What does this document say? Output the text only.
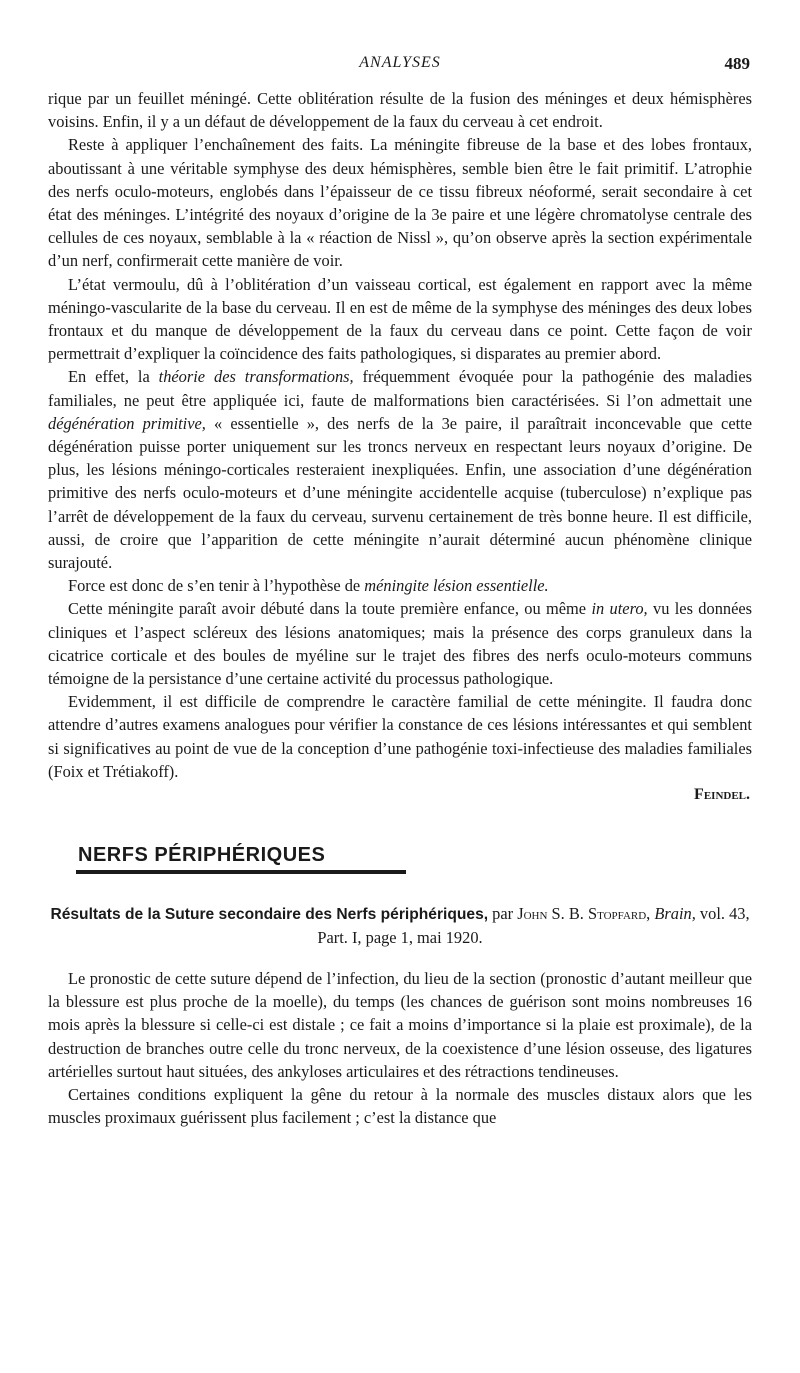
ANALYSES	489

rique par un feuillet méningé. Cette oblitération résulte de la fusion des méninges et deux hémisphères voisins. Enfin, il y a un défaut de développement de la faux du cerveau à cet endroit.

Reste à appliquer l’enchaînement des faits. La méningite fibreuse de la base et des lobes frontaux, aboutissant à une véritable symphyse des deux hémisphères, semble bien être le fait primitif. L’atrophie des nerfs oculo-moteurs, englobés dans l’épaisseur de ce tissu fibreux néoformé, serait secondaire à cet état des méninges. L’intégrité des noyaux d’origine de la 3e paire et une légère chromatolyse centrale des cellules de ces noyaux, semblable à la « réaction de Nissl », qu’on observe après la section expérimentale d’un nerf, confirmerait cette manière de voir.

L’état vermoulu, dû à l’oblitération d’un vaisseau cortical, est également en rapport avec la même méningo-vascularite de la base du cerveau. Il en est de même de la symphyse des méninges des deux lobes frontaux et du manque de développement de la faux du cerveau dans ce point. Cette façon de voir permettrait d’expliquer la coïncidence des faits pathologiques, si disparates au premier abord.

En effet, la théorie des transformations, fréquemment évoquée pour la pathogénie des maladies familiales, ne peut être appliquée ici, faute de malformations bien caractérisées. Si l’on admettait une dégénération primitive, « essentielle », des nerfs de la 3e paire, il paraîtrait inconcevable que cette dégénération puisse porter uniquement sur les troncs nerveux en respectant leurs noyaux d’origine. De plus, les lésions méningo-corticales resteraient inexpliquées. Enfin, une association d’une dégénération primitive des nerfs oculo-moteurs et d’une méningite accidentelle acquise (tuberculose) n’explique pas l’arrêt de développement de la faux du cerveau, survenu certainement de très bonne heure. Il est difficile, aussi, de croire que l’apparition de cette méningite n’aurait déterminé aucun phénomène clinique surajouté.

Force est donc de s’en tenir à l’hypothèse de méningite lésion essentielle.

Cette méningite paraît avoir débuté dans la toute première enfance, ou même in utero, vu les données cliniques et l’aspect scléreux des lésions anatomiques; mais la présence des corps granuleux dans la cicatrice corticale et des boules de myéline sur le trajet des fibres des nerfs oculo-moteurs communs témoigne de la persistance d’une certaine activité du processus pathologique.

Evidemment, il est difficile de comprendre le caractère familial de cette méningite. Il faudra donc attendre d’autres examens analogues pour vérifier la constance de ces lésions intéressantes et qui semblent si significatives au point de vue de la conception d’une pathogénie toxi-infectieuse des maladies familiales (Foix et Trétiakoff).

Feindel.

NERFS PÉRIPHÉRIQUES
Résultats de la Suture secondaire des Nerfs périphériques, par John S. B. Stopfard, Brain, vol. 43, Part. I, page 1, mai 1920.

Le pronostic de cette suture dépend de l’infection, du lieu de la section (pronostic d’autant meilleur que la blessure est plus proche de la moelle), du temps (les chances de guérison sont moins nombreuses 16 mois après la blessure si celle-ci est distale ; ce fait a moins d’importance si la plaie est proximale), de la destruction de branches outre celle du tronc nerveux, de la coexistence d’une lésion osseuse, des ligatures artérielles surtout haut situées, des ankyloses articulaires et des rétractions tendineuses.

Certaines conditions expliquent la gêne du retour à la normale des muscles distaux alors que les muscles proximaux guérissent plus facilement ; c’est la distance que
